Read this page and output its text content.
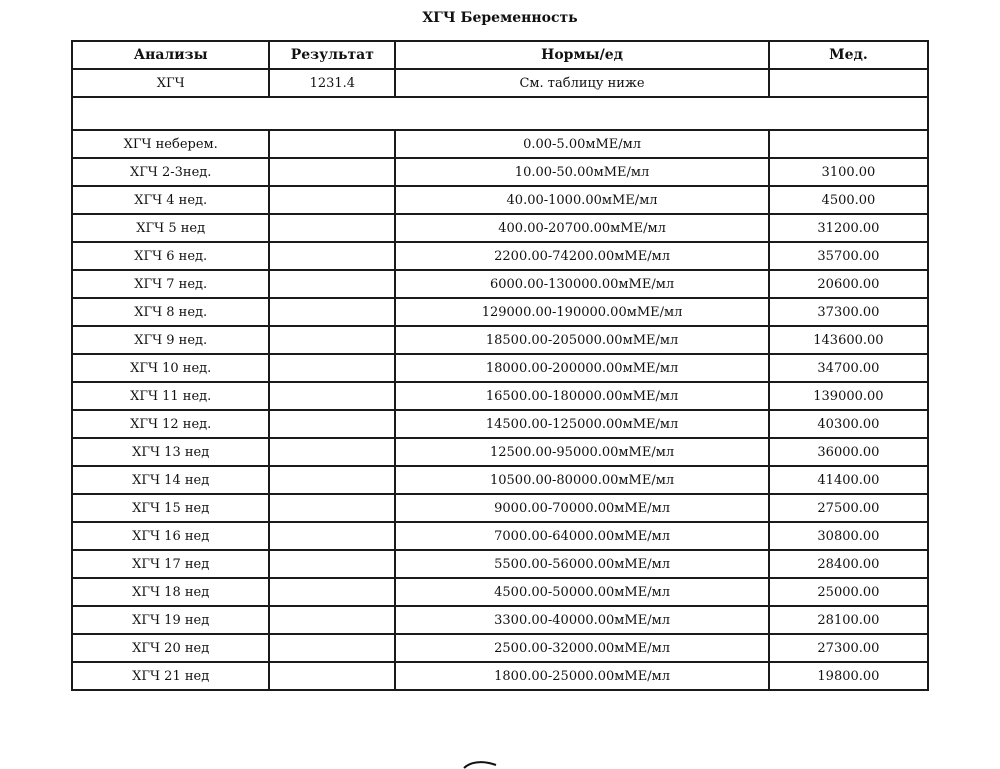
ХГЧ Беременность
Анализы	Результат	Нормы/ед	Мед.
ХГЧ	1231.4	См. таблицу ниже	

ХГЧ неберем.		0.00-5.00мМЕ/мл	
ХГЧ 2-3нед.		10.00-50.00мМЕ/мл	3100.00
ХГЧ 4 нед.		40.00-1000.00мМЕ/мл	4500.00
ХГЧ 5 нед		400.00-20700.00мМЕ/мл	31200.00
ХГЧ 6 нед.		2200.00-74200.00мМЕ/мл	35700.00
ХГЧ 7 нед.		6000.00-130000.00мМЕ/мл	20600.00
ХГЧ 8 нед.		129000.00-190000.00мМЕ/мл	37300.00
ХГЧ 9 нед.		18500.00-205000.00мМЕ/мл	143600.00
ХГЧ 10 нед.		18000.00-200000.00мМЕ/мл	34700.00
ХГЧ 11 нед.		16500.00-180000.00мМЕ/мл	139000.00
ХГЧ 12 нед.		14500.00-125000.00мМЕ/мл	40300.00
ХГЧ 13 нед		12500.00-95000.00мМЕ/мл	36000.00
ХГЧ 14 нед		10500.00-80000.00мМЕ/мл	41400.00
ХГЧ 15 нед		9000.00-70000.00мМЕ/мл	27500.00
ХГЧ 16 нед		7000.00-64000.00мМЕ/мл	30800.00
ХГЧ 17 нед		5500.00-56000.00мМЕ/мл	28400.00
ХГЧ 18 нед		4500.00-50000.00мМЕ/мл	25000.00
ХГЧ 19 нед		3300.00-40000.00мМЕ/мл	28100.00
ХГЧ 20 нед		2500.00-32000.00мМЕ/мл	27300.00
ХГЧ 21 нед		1800.00-25000.00мМЕ/мл	19800.00
